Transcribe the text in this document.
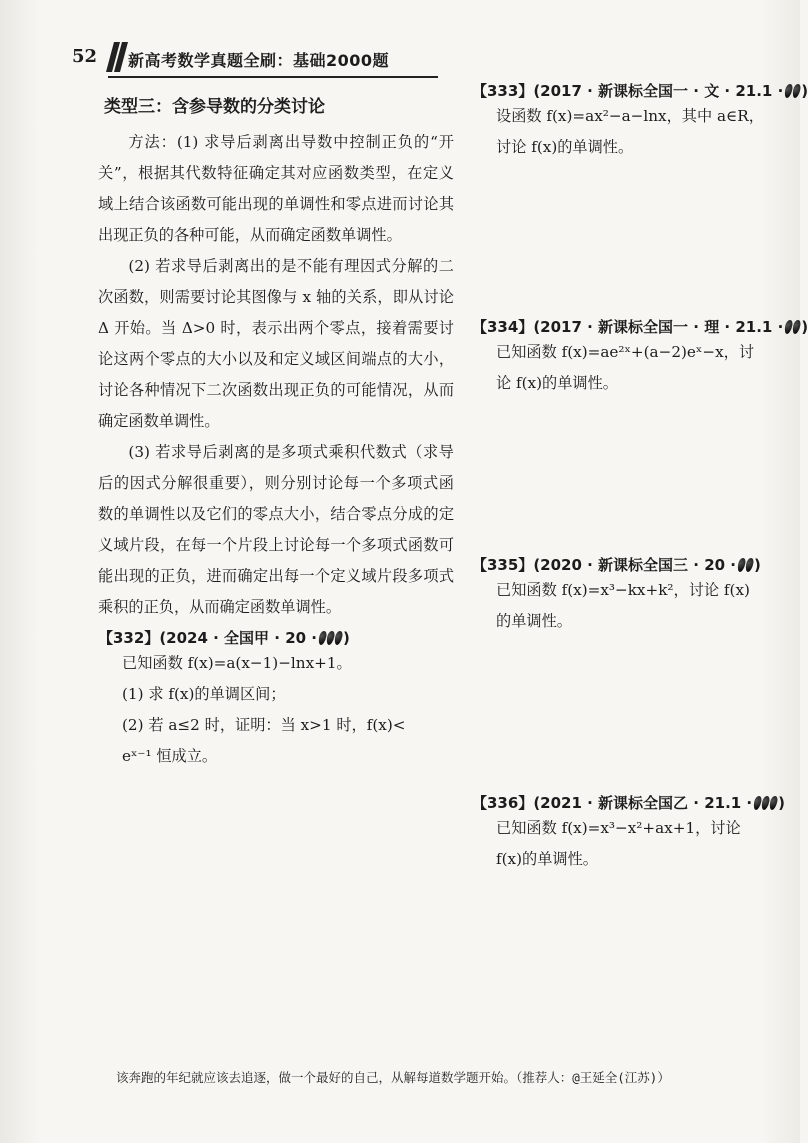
52 新高考数学真题全刷：基础2000题
类型三：含参导数的分类讨论

方法：(1) 求导后剥离出导数中控制正负的“开关”，根据其代数特征确定其对应函数类型，在定义域上结合该函数可能出现的单调性和零点进而讨论其出现正负的各种可能，从而确定函数单调性。

(2) 若求导后剥离出的是不能有理因式分解的二次函数，则需要讨论其图像与 x 轴的关系，即从讨论 Δ 开始。当 Δ>0 时，表示出两个零点，接着需要讨论这两个零点的大小以及和定义域区间端点的大小，讨论各种情况下二次函数出现正负的可能情况，从而确定函数单调性。

(3) 若求导后剥离的是多项式乘积代数式（求导后的因式分解很重要），则分别讨论每一个多项式函数的单调性以及它们的零点大小，结合零点分成的定义域片段，在每一个片段上讨论每一个多项式函数可能出现的正负，进而确定出每一个定义域片段多项式乘积的正负，从而确定函数单调性。

【332】 (2024 · 全国甲 · 20 · )
已知函数 f(x)=a(x−1)−lnx+1。
(1) 求 f(x)的单调区间；
(2) 若 a≤2 时，证明：当 x>1 时，f(x)<
eˣ⁻¹ 恒成立。
【333】 (2017 · 新课标全国一 · 文 · 21.1 · )
设函数 f(x)=ax²−a−lnx，其中 a∈R，
讨论 f(x)的单调性。
【334】 (2017 · 新课标全国一 · 理 · 21.1 · )
已知函数 f(x)=ae²ˣ+(a−2)eˣ−x，讨
论 f(x)的单调性。
【335】 (2020 · 新课标全国三 · 20 · )
已知函数 f(x)=x³−kx+k²，讨论 f(x)
的单调性。
【336】 (2021 · 新课标全国乙 · 21.1 · )
已知函数 f(x)=x³−x²+ax+1，讨论
f(x)的单调性。
该奔跑的年纪就应该去追逐，做一个最好的自己，从解每道数学题开始。（推荐人：@王延全(江苏)）
